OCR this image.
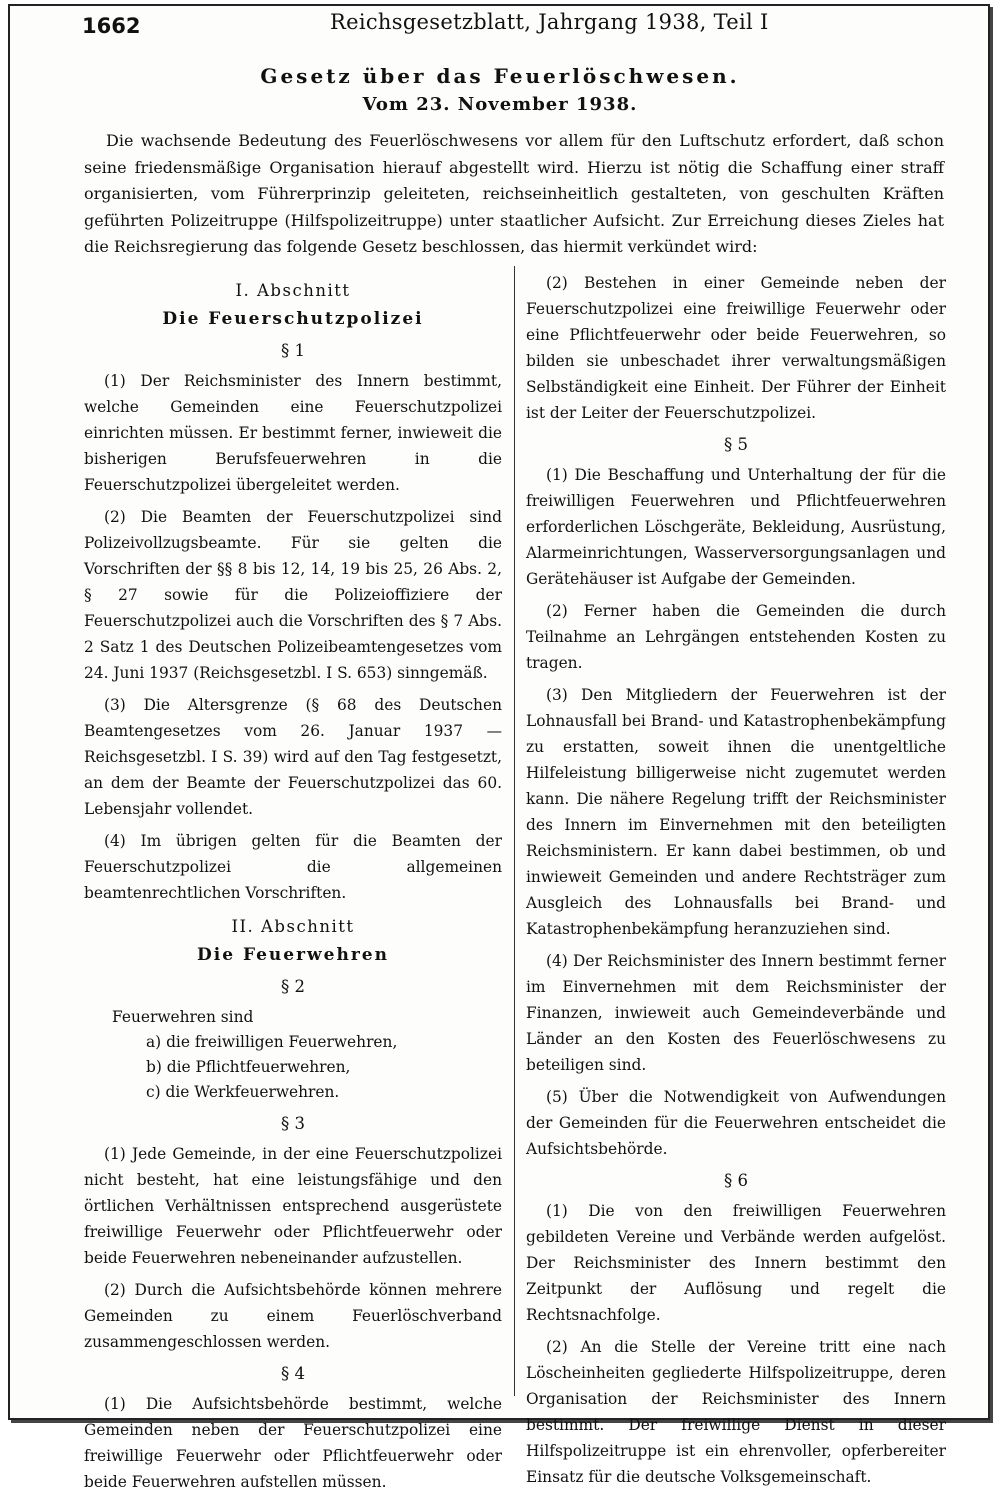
1662	Reichsgesetzblatt, Jahrgang 1938, Teil I
Gesetz über das Feuerlöschwesen.
Vom 23. November 1938.
Die wachsende Bedeutung des Feuerlöschwesens vor allem für den Luftschutz erfordert, daß schon seine friedensmäßige Organisation hierauf abgestellt wird. Hierzu ist nötig die Schaffung einer straff organisierten, vom Führerprinzip geleiteten, reichseinheitlich gestalteten, von geschulten Kräften geführten Polizeitruppe (Hilfspolizeitruppe) unter staatlicher Aufsicht. Zur Erreichung dieses Zieles hat die Reichsregierung das folgende Gesetz beschlossen, das hiermit verkündet wird:
I. Abschnitt
Die Feuerschutzpolizei
§ 1

(1) Der Reichsminister des Innern bestimmt, welche Gemeinden eine Feuerschutzpolizei einrichten müssen. Er bestimmt ferner, inwieweit die bisherigen Berufsfeuerwehren in die Feuerschutzpolizei übergeleitet werden.

(2) Die Beamten der Feuerschutzpolizei sind Polizeivollzugsbeamte. Für sie gelten die Vorschriften der §§ 8 bis 12, 14, 19 bis 25, 26 Abs. 2, § 27 sowie für die Polizeioffiziere der Feuerschutzpolizei auch die Vorschriften des § 7 Abs. 2 Satz 1 des Deutschen Polizeibeamtengesetzes vom 24. Juni 1937 (Reichsgesetzbl. I S. 653) sinngemäß.

(3) Die Altersgrenze (§ 68 des Deutschen Beamtengesetzes vom 26. Januar 1937 — Reichsgesetzbl. I S. 39) wird auf den Tag festgesetzt, an dem der Beamte der Feuerschutzpolizei das 60. Lebensjahr vollendet.

(4) Im übrigen gelten für die Beamten der Feuerschutzpolizei die allgemeinen beamtenrechtlichen Vorschriften.

II. Abschnitt
Die Feuerwehren
§ 2

Feuerwehren sind

a) die freiwilligen Feuerwehren,
b) die Pflichtfeuerwehren,
c) die Werkfeuerwehren.
§ 3

(1) Jede Gemeinde, in der eine Feuerschutzpolizei nicht besteht, hat eine leistungsfähige und den örtlichen Verhältnissen entsprechend ausgerüstete freiwillige Feuerwehr oder Pflichtfeuerwehr oder beide Feuerwehren nebeneinander aufzustellen.

(2) Durch die Aufsichtsbehörde können mehrere Gemeinden zu einem Feuerlöschverband zusammengeschlossen werden.

§ 4

(1) Die Aufsichtsbehörde bestimmt, welche Gemeinden neben der Feuerschutzpolizei eine freiwillige Feuerwehr oder Pflichtfeuerwehr oder beide Feuerwehren aufstellen müssen.

(2) Bestehen in einer Gemeinde neben der Feuerschutzpolizei eine freiwillige Feuerwehr oder eine Pflichtfeuerwehr oder beide Feuerwehren, so bilden sie unbeschadet ihrer verwaltungsmäßigen Selbständigkeit eine Einheit. Der Führer der Einheit ist der Leiter der Feuerschutzpolizei.

§ 5

(1) Die Beschaffung und Unterhaltung der für die freiwilligen Feuerwehren und Pflichtfeuerwehren erforderlichen Löschgeräte, Bekleidung, Ausrüstung, Alarmeinrichtungen, Wasserversorgungsanlagen und Gerätehäuser ist Aufgabe der Gemeinden.

(2) Ferner haben die Gemeinden die durch Teilnahme an Lehrgängen entstehenden Kosten zu tragen.

(3) Den Mitgliedern der Feuerwehren ist der Lohnausfall bei Brand- und Katastrophenbekämpfung zu erstatten, soweit ihnen die unentgeltliche Hilfeleistung billigerweise nicht zugemutet werden kann. Die nähere Regelung trifft der Reichsminister des Innern im Einvernehmen mit den beteiligten Reichsministern. Er kann dabei bestimmen, ob und inwieweit Gemeinden und andere Rechtsträger zum Ausgleich des Lohnausfalls bei Brand- und Katastrophenbekämpfung heranzuziehen sind.

(4) Der Reichsminister des Innern bestimmt ferner im Einvernehmen mit dem Reichsminister der Finanzen, inwieweit auch Gemeindeverbände und Länder an den Kosten des Feuerlöschwesens zu beteiligen sind.

(5) Über die Notwendigkeit von Aufwendungen der Gemeinden für die Feuerwehren entscheidet die Aufsichtsbehörde.

§ 6

(1) Die von den freiwilligen Feuerwehren gebildeten Vereine und Verbände werden aufgelöst. Der Reichsminister des Innern bestimmt den Zeitpunkt der Auflösung und regelt die Rechtsnachfolge.

(2) An die Stelle der Vereine tritt eine nach Löscheinheiten gegliederte Hilfspolizeitruppe, deren Organisation der Reichsminister des Innern bestimmt. Der freiwillige Dienst in dieser Hilfspolizeitruppe ist ein ehrenvoller, opferbereiter Einsatz für die deutsche Volksgemeinschaft.
